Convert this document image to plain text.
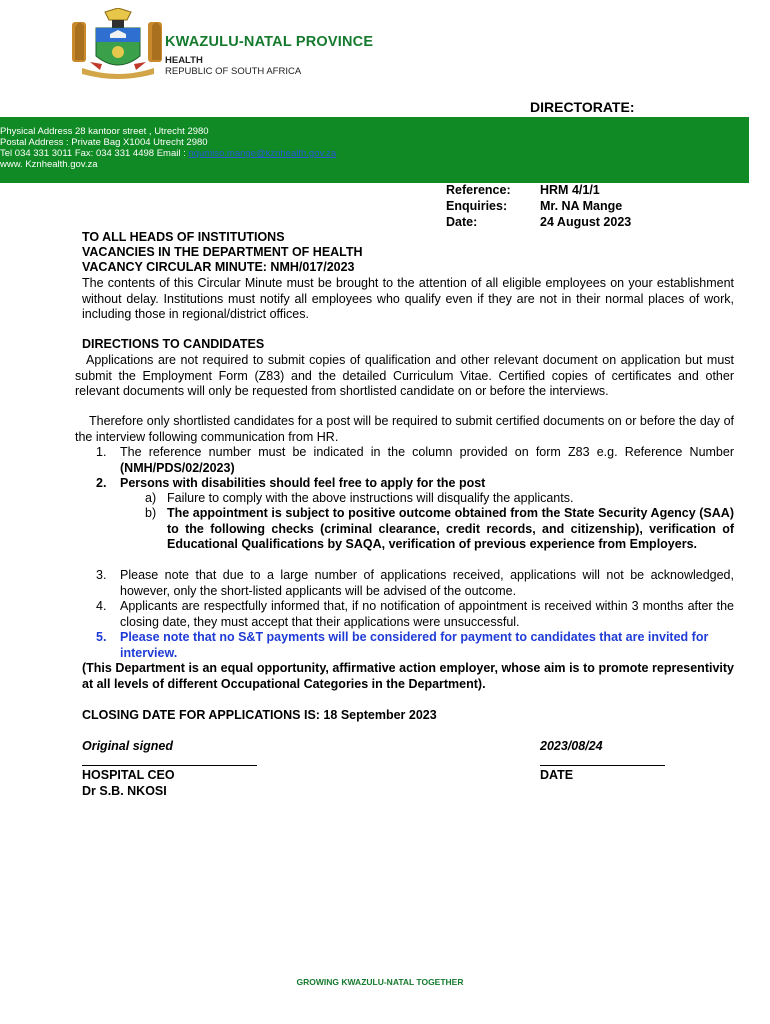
KWAZULU-NATAL PROVINCE
HEALTH
REPUBLIC OF SOUTH AFRICA
DIRECTORATE:
Physical Address 28 kantoor street , Utrecht 2980
Postal Address : Private Bag X1004 Utrecht 2980
Tel 034 331 3011 Fax: 034 331 4498 Email : nqumiso.mange@kznhealth.gov.za
www. Kznhealth.gov.za
Reference: HRM 4/1/1
Enquiries:	Mr. NA Mange
Date:	24 August 2023
TO ALL HEADS OF INSTITUTIONS
VACANCIES IN THE DEPARTMENT OF HEALTH
VACANCY CIRCULAR MINUTE: NMH/017/2023
The contents of this Circular Minute must be brought to the attention of all eligible employees on your establishment without delay. Institutions must notify all employees who qualify even if they are not in their normal places of work, including those in regional/district offices.
DIRECTIONS TO CANDIDATES
Applications are not required to submit copies of qualification and other relevant document on application but must submit the Employment Form (Z83) and the detailed Curriculum Vitae. Certified copies of certificates and other relevant documents will only be requested from shortlisted candidate on or before the interviews.
Therefore only shortlisted candidates for a post will be required to submit certified documents on or before the day of the interview following communication from HR.
1. The reference number must be indicated in the column provided on form Z83 e.g. Reference Number (NMH/PDS/02/2023)
2. Persons with disabilities should feel free to apply for the post
a) Failure to comply with the above instructions will disqualify the applicants.
b) The appointment is subject to positive outcome obtained from the State Security Agency (SAA) to the following checks (criminal clearance, credit records, and citizenship), verification of Educational Qualifications by SAQA, verification of previous experience from Employers.
3. Please note that due to a large number of applications received, applications will not be acknowledged, however, only the short-listed applicants will be advised of the outcome.
4. Applicants are respectfully informed that, if no notification of appointment is received within 3 months after the closing date, they must accept that their applications were unsuccessful.
5. Please note that no S&T payments will be considered for payment to candidates that are invited for interview.
(This Department is an equal opportunity, affirmative action employer, whose aim is to promote representivity at all levels of different Occupational Categories in the Department).
CLOSING DATE FOR APPLICATIONS IS: 18 September 2023
Original signed
HOSPITAL CEO
Dr S.B. NKOSI
2023/08/24
DATE
GROWING KWAZULU-NATAL TOGETHER
